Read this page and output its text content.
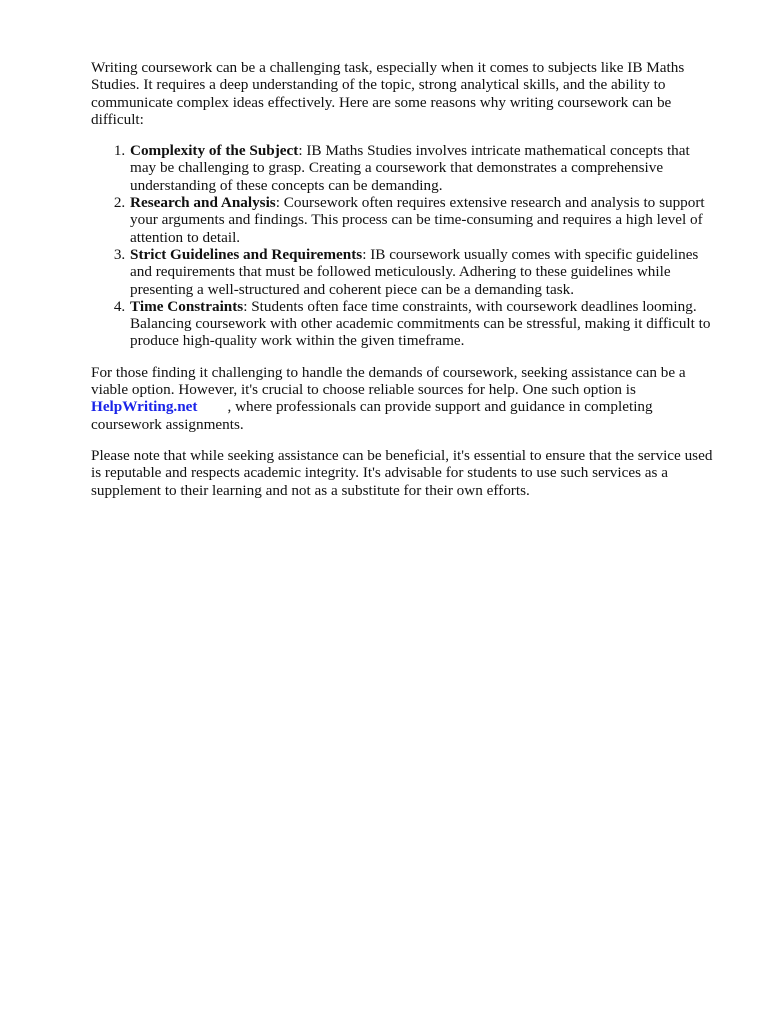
Writing coursework can be a challenging task, especially when it comes to subjects like IB Maths Studies. It requires a deep understanding of the topic, strong analytical skills, and the ability to communicate complex ideas effectively. Here are some reasons why writing coursework can be difficult:

1. Complexity of the Subject: IB Maths Studies involves intricate mathematical concepts that may be challenging to grasp. Creating a coursework that demonstrates a comprehensive understanding of these concepts can be demanding.
2. Research and Analysis: Coursework often requires extensive research and analysis to support your arguments and findings. This process can be time-consuming and requires a high level of attention to detail.
3. Strict Guidelines and Requirements: IB coursework usually comes with specific guidelines and requirements that must be followed meticulously. Adhering to these guidelines while presenting a well-structured and coherent piece can be a demanding task.
4. Time Constraints: Students often face time constraints, with coursework deadlines looming. Balancing coursework with other academic commitments can be stressful, making it difficult to produce high-quality work within the given timeframe.

For those finding it challenging to handle the demands of coursework, seeking assistance can be a viable option. However, it's crucial to choose reliable sources for help. One such option is
HelpWriting.net , where professionals can provide support and guidance in completing coursework assignments.

Please note that while seeking assistance can be beneficial, it's essential to ensure that the service used is reputable and respects academic integrity. It's advisable for students to use such services as a supplement to their learning and not as a substitute for their own efforts.
